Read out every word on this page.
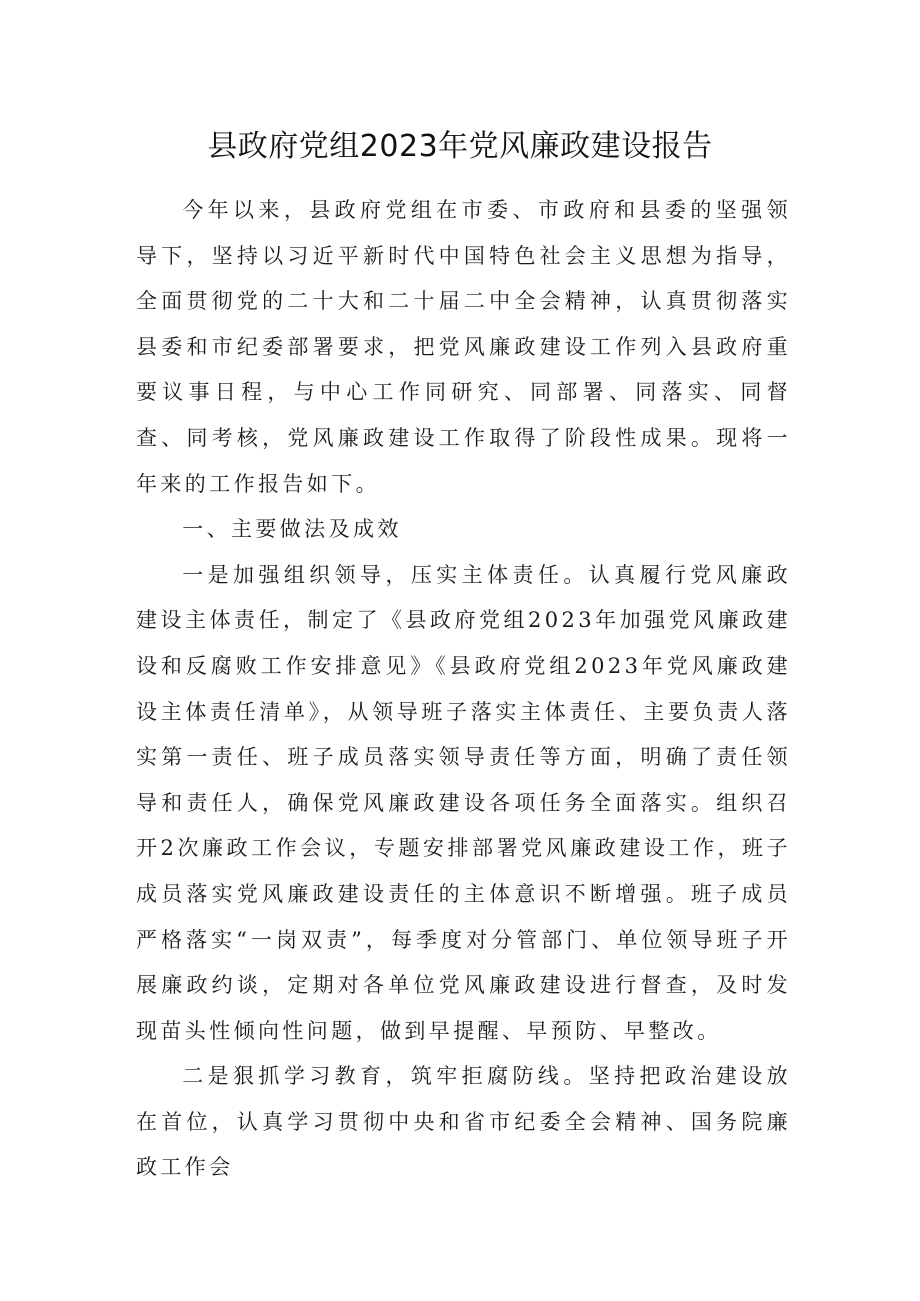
县政府党组2023年党风廉政建设报告

今年以来，县政府党组在市委、市政府和县委的坚强领导下，坚持以习近平新时代中国特色社会主义思想为指导，全面贯彻党的二十大和二十届二中全会精神，认真贯彻落实县委和市纪委部署要求，把党风廉政建设工作列入县政府重要议事日程，与中心工作同研究、同部署、同落实、同督查、同考核，党风廉政建设工作取得了阶段性成果。现将一年来的工作报告如下。

一、主要做法及成效

一是加强组织领导，压实主体责任。认真履行党风廉政建设主体责任，制定了《县政府党组2023年加强党风廉政建设和反腐败工作安排意见》《县政府党组2023年党风廉政建设主体责任清单》，从领导班子落实主体责任、主要负责人落实第一责任、班子成员落实领导责任等方面，明确了责任领导和责任人，确保党风廉政建设各项任务全面落实。组织召开2次廉政工作会议，专题安排部署党风廉政建设工作，班子成员落实党风廉政建设责任的主体意识不断增强。班子成员严格落实“一岗双责”，每季度对分管部门、单位领导班子开展廉政约谈，定期对各单位党风廉政建设进行督查，及时发现苗头性倾向性问题，做到早提醒、早预防、早整改。

二是狠抓学习教育，筑牢拒腐防线。坚持把政治建设放在首位，认真学习贯彻中央和省市纪委全会精神、国务院廉政工作会
